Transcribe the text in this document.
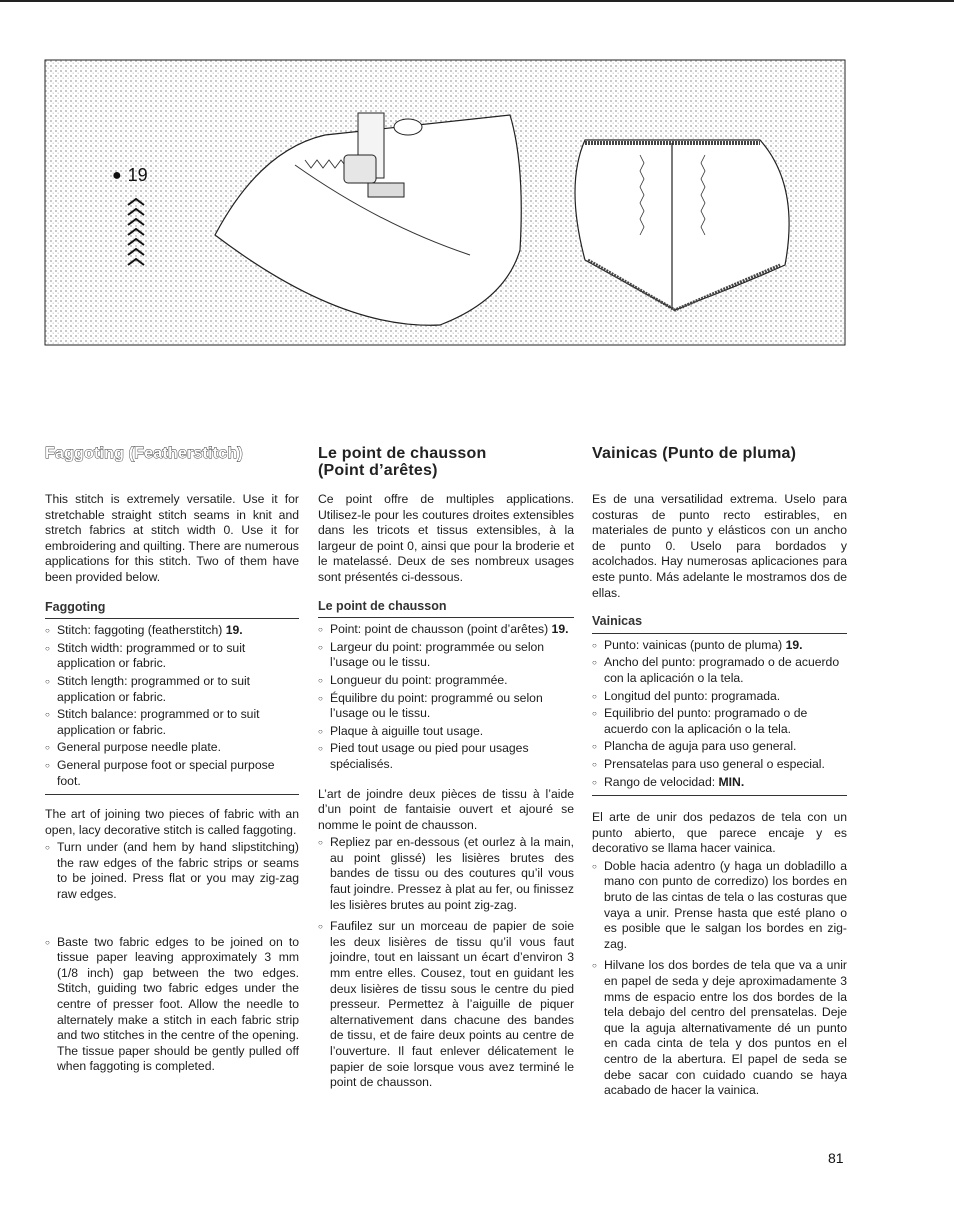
● 19
Faggoting (Featherstitch)

This stitch is extremely versatile. Use it for stretchable straight stitch seams in knit and stretch fabrics at stitch width 0. Use it for embroidering and quilting. There are numerous applications for this stitch. Two of them have been provided below.

Faggoting

○ Stitch: faggoting (featherstitch) 19.
○ Stitch width: programmed or to suit application or fabric.
○ Stitch length: programmed or to suit application or fabric.
○ Stitch balance: programmed or to suit application or fabric.
○ General purpose needle plate.
○ General purpose foot or special purpose foot.

The art of joining two pieces of fabric with an open, lacy decorative stitch is called faggoting.

○ Turn under (and hem by hand slipstitching) the raw edges of the fabric strips or seams to be joined. Press flat or you may zig-zag raw edges.
○ Baste two fabric edges to be joined on to tissue paper leaving approximately 3 mm (1/8 inch) gap between the two edges. Stitch, guiding two fabric edges under the centre of presser foot. Allow the needle to alternately make a stitch in each fabric strip and two stitches in the centre of the opening. The tissue paper should be gently pulled off when faggoting is completed.
Le point de chausson
(Point d’arêtes)

Ce point offre de multiples applications. Utilisez-le pour les coutures droites extensibles dans les tricots et tissus extensibles, à la largeur de point 0, ainsi que pour la broderie et le matelassé. Deux de ses nombreux usages sont présentés ci-dessous.

Le point de chausson

○ Point: point de chausson (point d’arêtes) 19.
○ Largeur du point: programmée ou selon l’usage ou le tissu.
○ Longueur du point: programmée.
○ Équilibre du point: programmé ou selon l’usage ou le tissu.
○ Plaque à aiguille tout usage.
○ Pied tout usage ou pied pour usages spécialisés.

L’art de joindre deux pièces de tissu à l’aide d’un point de fantaisie ouvert et ajouré se nomme le point de chausson.

○ Repliez par en-dessous (et ourlez à la main, au point glissé) les lisières brutes des bandes de tissu ou des coutures qu’il vous faut joindre. Pressez à plat au fer, ou finissez les lisières brutes au point zig-zag.
○ Faufilez sur un morceau de papier de soie les deux lisières de tissu qu’il vous faut joindre, tout en laissant un écart d’environ 3 mm entre elles. Cousez, tout en guidant les deux lisières de tissu sous le centre du pied presseur. Permettez à l’aiguille de piquer alternativement dans chacune des bandes de tissu, et de faire deux points au centre de l’ouverture. Il faut enlever délicatement le papier de soie lorsque vous avez terminé le point de chausson.
Vainicas (Punto de pluma)

Es de una versatilidad extrema. Uselo para costuras de punto recto estirables, en materiales de punto y elásticos con un ancho de punto 0. Uselo para bordados y acolchados. Hay numerosas aplicaciones para este punto. Más adelante le mostramos dos de ellas.

Vainicas

○ Punto: vainicas (punto de pluma) 19.
○ Ancho del punto: programado o de acuerdo con la aplicación o la tela.
○ Longitud del punto: programada.
○ Equilibrio del punto: programado o de acuerdo con la aplicación o la tela.
○ Plancha de aguja para uso general.
○ Prensatelas para uso general o especial.
○ Rango de velocidad: MIN.

El arte de unir dos pedazos de tela con un punto abierto, que parece encaje y es decorativo se llama hacer vainica.

○ Doble hacia adentro (y haga un dobladillo a mano con punto de corredizo) los bordes en bruto de las cintas de tela o las costuras que vaya a unir. Prense hasta que esté plano o es posible que le salgan los bordes en zig-zag.
○ Hilvane los dos bordes de tela que va a unir en papel de seda y deje aproximadamente 3 mms de espacio entre los dos bordes de la tela debajo del centro del prensatelas. Deje que la aguja alternativamente dé un punto en cada cinta de tela y dos puntos en el centro de la abertura. El papel de seda se debe sacar con cuidado cuando se haya acabado de hacer la vainica.
81
